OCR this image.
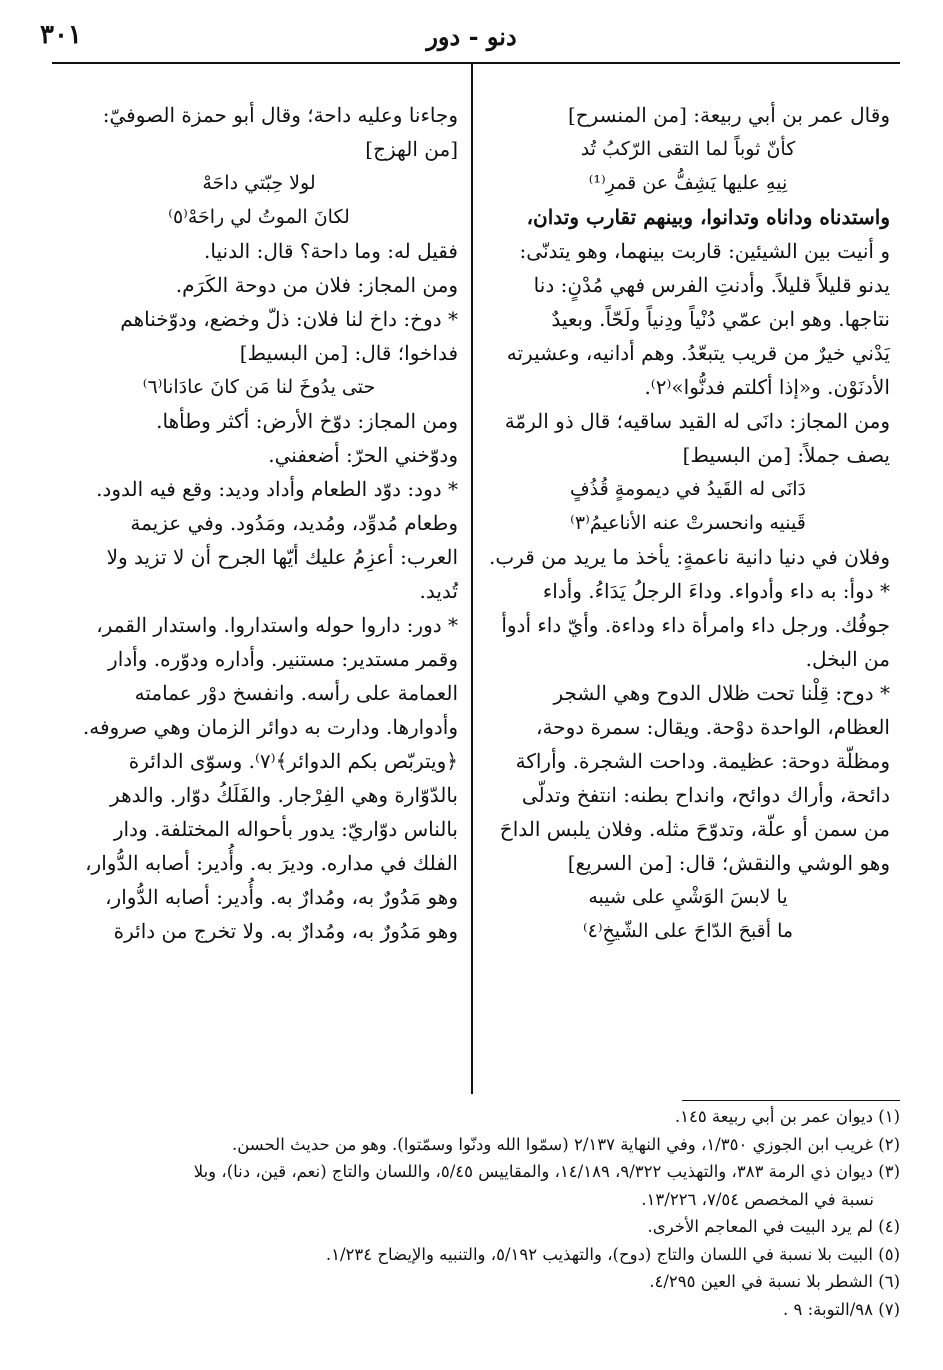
دنو - دور
٣٠١

وقال عمر بن أبي ربيعة: [من المنسرح]

كأنّ ثوباً لما التقى الرّكبُ تُد

نِيهِ عليها يَشِفُّ عن قمرِ⁽¹⁾

واستدناه وداناه وتدانوا، وبينهم تقارب وتدان،

و أنيت بين الشيئين: قاربت بينهما، وهو يتدنّى:

يدنو قليلاً قليلاً. وأدنتِ الفرس فهي مُدْنٍ: دنا

نتاجها. وهو ابن عمّي دُنْياً ودِنياً ولَحّاً. وبعيدٌ

يَدْني خيرٌ من قريب يتبعّدُ. وهم أدانيه، وعشيرته

الأدنَوْن. و«إذا أكلتم فدنُّوا»⁽٢⁾.

ومن المجاز: دانَى له القيد ساقيه؛ قال ذو الرمّة

يصف جملاً: [من البسيط]

دَانَى له القَيدُ في ديمومةٍ قُذُفٍ

قَينيه وانحسرتْ عنه الأناعيمُ⁽٣⁾

وفلان في دنيا دانية ناعمةٍ: يأخذ ما يريد من قرب.

* دوأ: به داء وأدواء. وداءَ الرجلُ يَدَاءُ. وأداء

جوفُك. ورجل داء وامرأة داء وداءة. وأيّ داء أدوأ

من البخل.

* دوح: قِلْنا تحت ظلال الدوح وهي الشجر

العظام، الواحدة دوْحة. ويقال: سمرة دوحة،

ومظلّة دوحة: عظيمة. وداحت الشجرة. وأراكة

دائحة، وأراك دوائح، وانداح بطنه: انتفخ وتدلّى

من سمن أو علّة، وتدوّحَ مثله. وفلان يلبس الداحَ

وهو الوشي والنقش؛ قال: [من السريع]

يا لابسَ الوَشْيِ على شيبه

ما أقبحَ الدّاحَ على الشّيخِ⁽٤⁾

وجاءنا وعليه داحة؛ وقال أبو حمزة الصوفيّ:

[من الهزج]

لولا حِبّتي داحَهْ

لكانَ الموتُ لي راحَهْ⁽٥⁾

فقيل له: وما داحة؟ قال: الدنيا.

ومن المجاز: فلان من دوحة الكَرَم.

* دوخ: داخ لنا فلان: ذلّ وخضع، ودوّخناهم

فداخوا؛ قال: [من البسيط]

حتى يدُوخَ لنا مَن كانَ عادَانا⁽٦⁾

ومن المجاز: دوّخ الأرض: أكثر وطأها.

ودوّخني الحرّ: أضعفني.

* دود: دوّد الطعام وأداد وديد: وقع فيه الدود.

وطعام مُدوِّد، ومُديد، ومَدُود. وفي عزيمة

العرب: أعزِمُ عليك أيّها الجرح أن لا تزيد ولا

تُديد.

* دور: داروا حوله واستداروا. واستدار القمر،

وقمر مستدير: مستنير. وأداره ودوّره. وأدار

العمامة على رأسه. وانفسخ دوْر عمامته

وأدوارها. ودارت به دوائر الزمان وهي صروفه.

﴿ويتربّص بكم الدوائر﴾⁽٧⁾. وسوّى الدائرة

بالدّوّارة وهي الفِرْجار. والفَلَكُ دوّار. والدهر

بالناس دوّاريّ: يدور بأحواله المختلفة. ودار

الفلك في مداره. وديرَ به. وأُدير: أصابه الدُّوار،

وهو مَدُورٌ به، ومُدارٌ به. وأُدير: أصابه الدُّوار،

وهو مَدُورٌ به، ومُدارٌ به. ولا تخرج من دائرة

(١) ديوان عمر بن أبي ربيعة ١٤٥.

(٢) غريب ابن الجوزي ١/٣٥٠، وفي النهاية ٢/١٣٧ (سمّوا الله ودنّوا وسمّتوا). وهو من حديث الحسن.

(٣) ديوان ذي الرمة ٣٨٣، والتهذيب ٩/٣٢٢، ١٤/١٨٩، والمقاييس ٥/٤٥، واللسان والتاج (نعم، قين، دنا)، وبلا

نسبة في المخصص ٧/٥٤، ١٣/٢٢٦.

(٤) لم يرد البيت في المعاجم الأخرى.

(٥) البيت بلا نسبة في اللسان والتاج (دوح)، والتهذيب ٥/١٩٢، والتنبيه والإيضاح ١/٢٣٤.

(٦) الشطر بلا نسبة في العين ٤/٢٩٥.

(٧) ٩٨/التوبة: ٩ .
